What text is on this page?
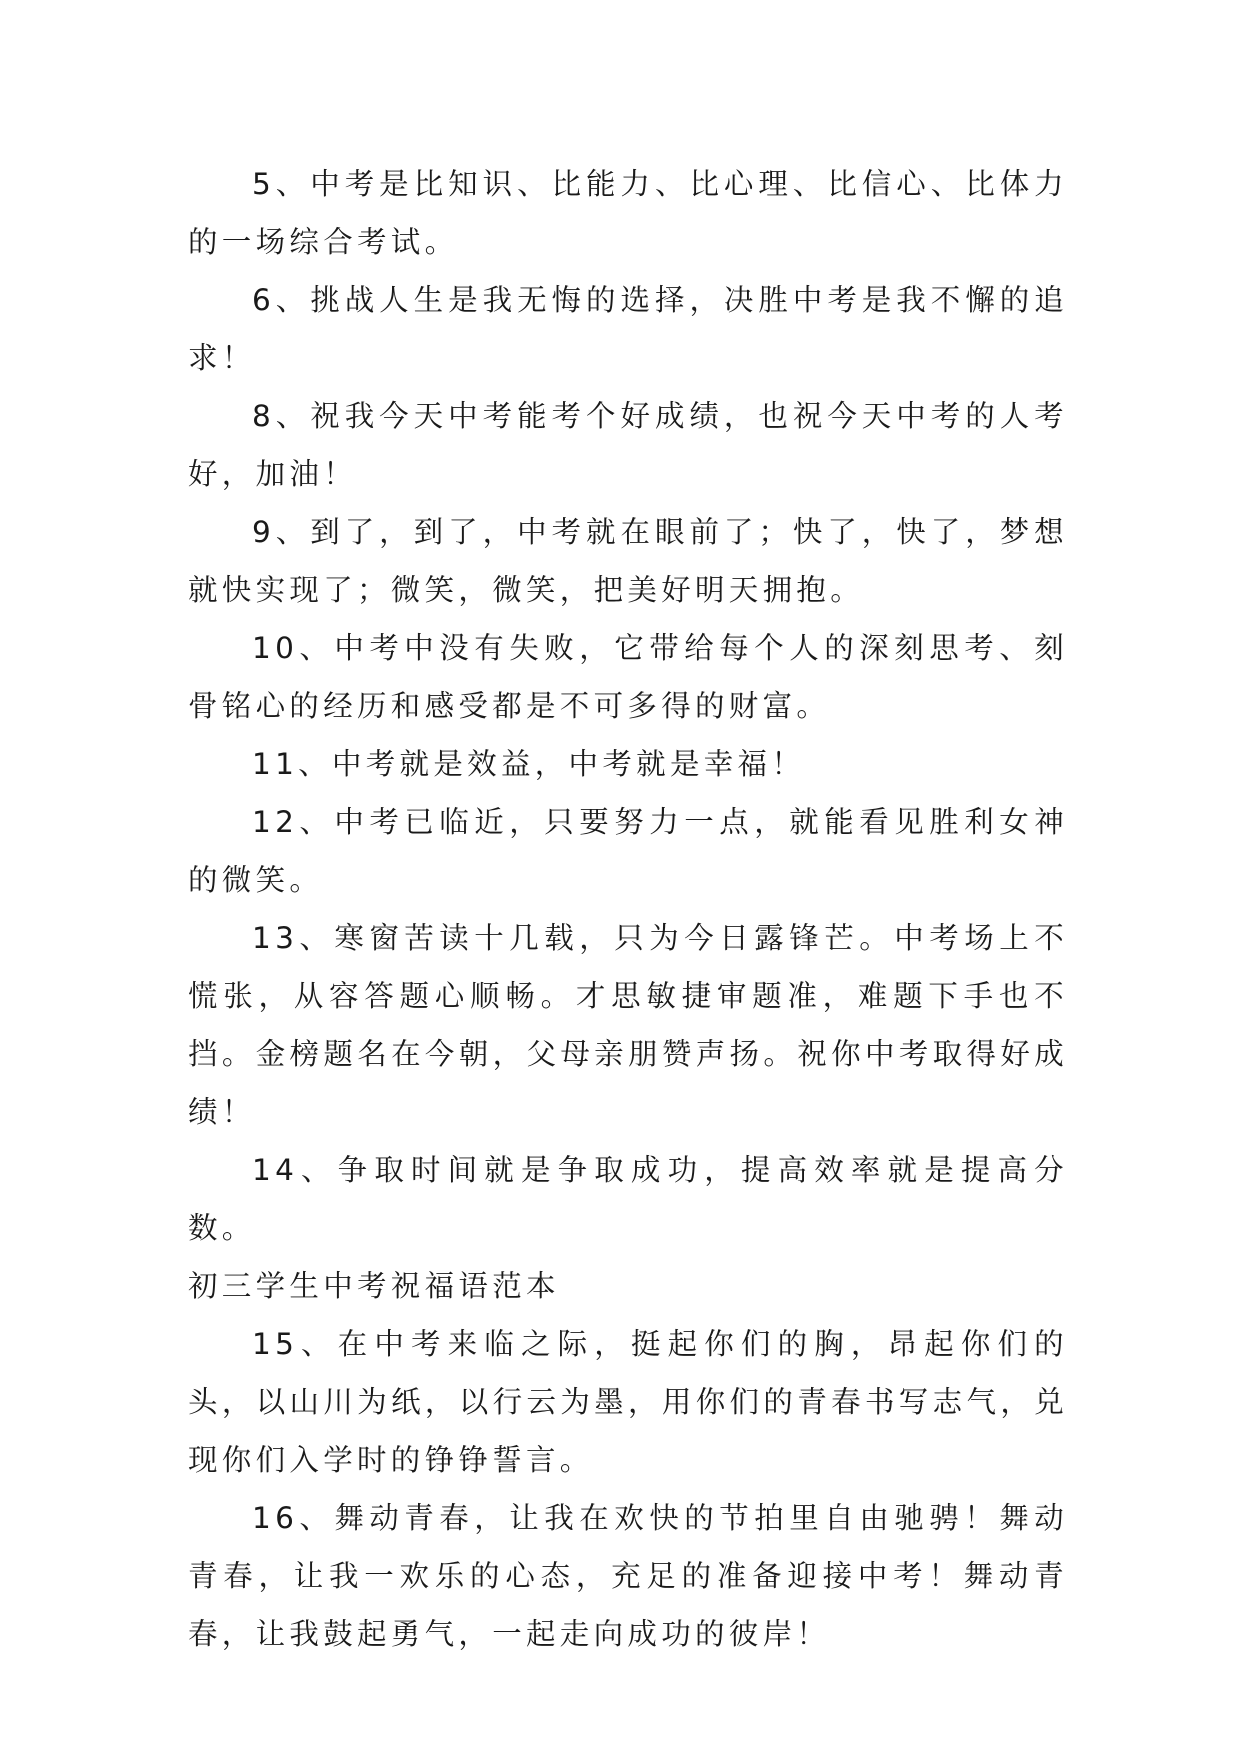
5、中考是比知识、比能力、比心理、比信心、比体力的一场综合考试。

6、挑战人生是我无悔的选择，决胜中考是我不懈的追求！

8、祝我今天中考能考个好成绩，也祝今天中考的人考好，加油！

9、到了，到了，中考就在眼前了；快了，快了，梦想就快实现了；微笑，微笑，把美好明天拥抱。

10、中考中没有失败，它带给每个人的深刻思考、刻骨铭心的经历和感受都是不可多得的财富。

11、中考就是效益，中考就是幸福！

12、中考已临近，只要努力一点，就能看见胜利女神的微笑。

13、寒窗苦读十几载，只为今日露锋芒。中考场上不慌张，从容答题心顺畅。才思敏捷审题准，难题下手也不挡。金榜题名在今朝，父母亲朋赞声扬。祝你中考取得好成绩！

14、争取时间就是争取成功，提高效率就是提高分数。

初三学生中考祝福语范本

15、在中考来临之际，挺起你们的胸，昂起你们的头，以山川为纸，以行云为墨，用你们的青春书写志气，兑现你们入学时的铮铮誓言。

16、舞动青春，让我在欢快的节拍里自由驰骋！舞动青春，让我一欢乐的心态，充足的准备迎接中考！舞动青春，让我鼓起勇气，一起走向成功的彼岸！
